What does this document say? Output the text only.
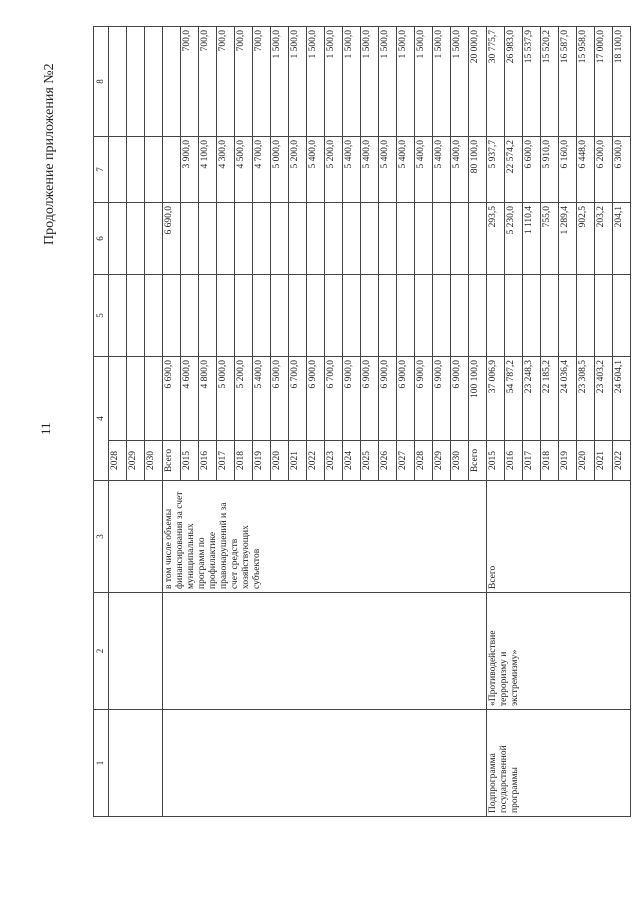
11
Продолжение приложения №2
1	2	3	4		5	6	7	8
			2028					
			2029					
			2030					
		в том числе объемы финансирования за счет муниципальных программ по профилактике правонарушений и за счет средств хозяйствующих субъектов	Всего	6 690,0		6 690,0		
			2015	4 600,0			3 900,0	700,0
			2016	4 800,0			4 100,0	700,0
			2017	5 000,0			4 300,0	700,0
			2018	5 200,0			4 500,0	700,0
			2019	5 400,0			4 700,0	700,0
			2020	6 500,0			5 000,0	1 500,0
			2021	6 700,0			5 200,0	1 500,0
			2022	6 900,0			5 400,0	1 500,0
			2023	6 700,0			5 200,0	1 500,0
			2024	6 900,0			5 400,0	1 500,0
			2025	6 900,0			5 400,0	1 500,0
			2026	6 900,0			5 400,0	1 500,0
			2027	6 900,0			5 400,0	1 500,0
			2028	6 900,0			5 400,0	1 500,0
			2029	6 900,0			5 400,0	1 500,0
			2030	6 900,0			5 400,0	1 500,0
			Всего	100 100,0			80 100,0	20 000,0
Подпрограмма государственной программы	«Противодействие терроризму и экстремизму»	Всего	2015	37 006,9		293,5	5 937,7	30 775,7
			2016	54 787,2		5 230,0	22 574,2	26 983,0
			2017	23 248,3		1 110,4	6 600,0	15 537,9
			2018	22 185,2		755,0	5 910,0	15 520,2
			2019	24 036,4		1 289,4	6 160,0	16 587,0
			2020	23 308,5		902,5	6 448,0	15 958,0
			2021	23 403,2		203,2	6 200,0	17 000,0
			2022	24 604,1		204,1	6 300,0	18 100,0
